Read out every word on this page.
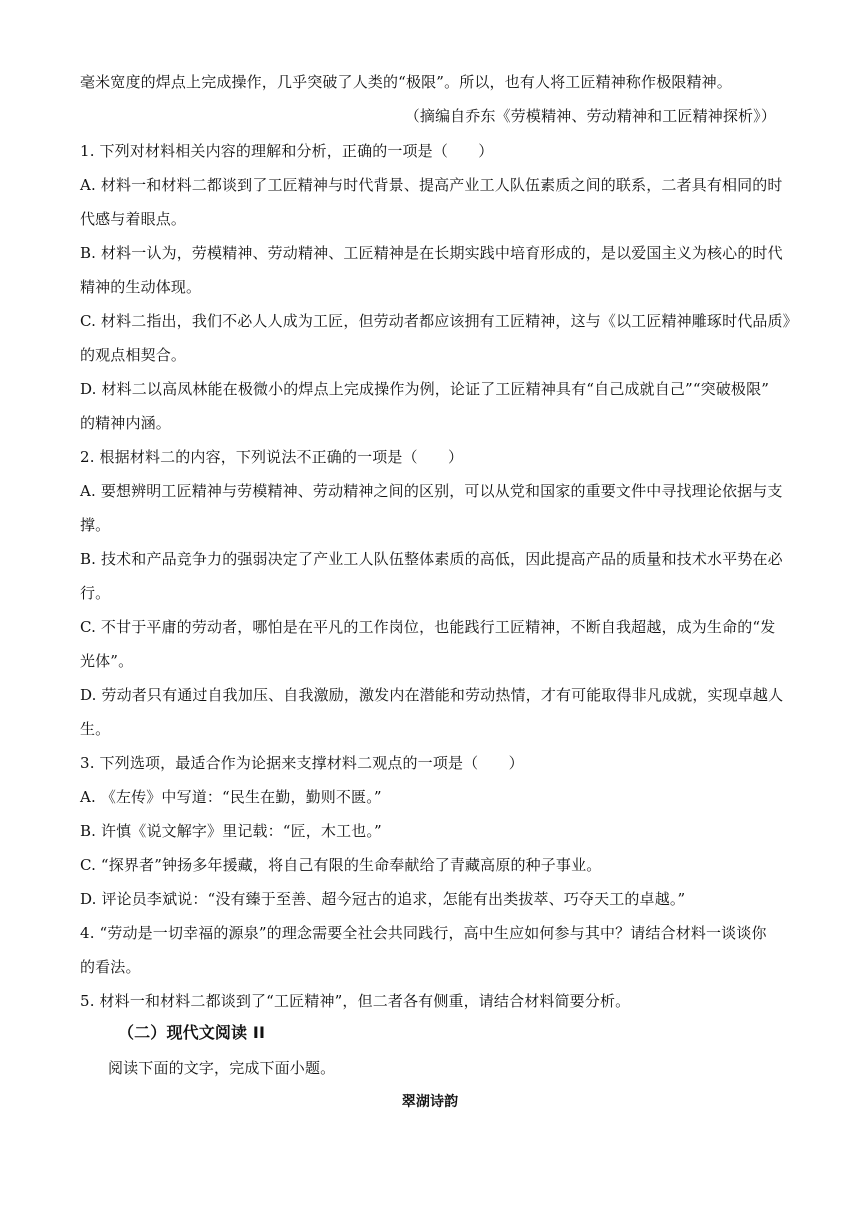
毫米宽度的焊点上完成操作，几乎突破了人类的“极限”。所以，也有人将工匠精神称作极限精神。
（摘编自乔东《劳模精神、劳动精神和工匠精神探析》）
1. 下列对材料相关内容的理解和分析，正确的一项是（　　）
A. 材料一和材料二都谈到了工匠精神与时代背景、提高产业工人队伍素质之间的联系，二者具有相同的时
代感与着眼点。
B. 材料一认为，劳模精神、劳动精神、工匠精神是在长期实践中培育形成的，是以爱国主义为核心的时代
精神的生动体现。
C. 材料二指出，我们不必人人成为工匠，但劳动者都应该拥有工匠精神，这与《以工匠精神雕琢时代品质》
的观点相契合。
D. 材料二以高凤林能在极微小的焊点上完成操作为例，论证了工匠精神具有“自己成就自己”“突破极限”
的精神内涵。
2. 根据材料二的内容，下列说法不正确的一项是（　　）
A. 要想辨明工匠精神与劳模精神、劳动精神之间的区别，可以从党和国家的重要文件中寻找理论依据与支
撑。
B. 技术和产品竞争力的强弱决定了产业工人队伍整体素质的高低，因此提高产品的质量和技术水平势在必
行。
C. 不甘于平庸的劳动者，哪怕是在平凡的工作岗位，也能践行工匠精神，不断自我超越，成为生命的“发
光体”。
D. 劳动者只有通过自我加压、自我激励，激发内在潜能和劳动热情，才有可能取得非凡成就，实现卓越人
生。
3. 下列选项，最适合作为论据来支撑材料二观点的一项是（　　）
A. 《左传》中写道：“民生在勤，勤则不匮。”
B. 许慎《说文解字》里记载：“匠，木工也。”
C. “探界者”钟扬多年援藏，将自己有限的生命奉献给了青藏高原的种子事业。
D. 评论员李斌说：“没有臻于至善、超今冠古的追求，怎能有出类拔萃、巧夺天工的卓越。”
4. “劳动是一切幸福的源泉”的理念需要全社会共同践行，高中生应如何参与其中？请结合材料一谈谈你
的看法。
5. 材料一和材料二都谈到了“工匠精神”，但二者各有侧重，请结合材料简要分析。
（二）现代文阅读 II
阅读下面的文字，完成下面小题。
翠湖诗韵
